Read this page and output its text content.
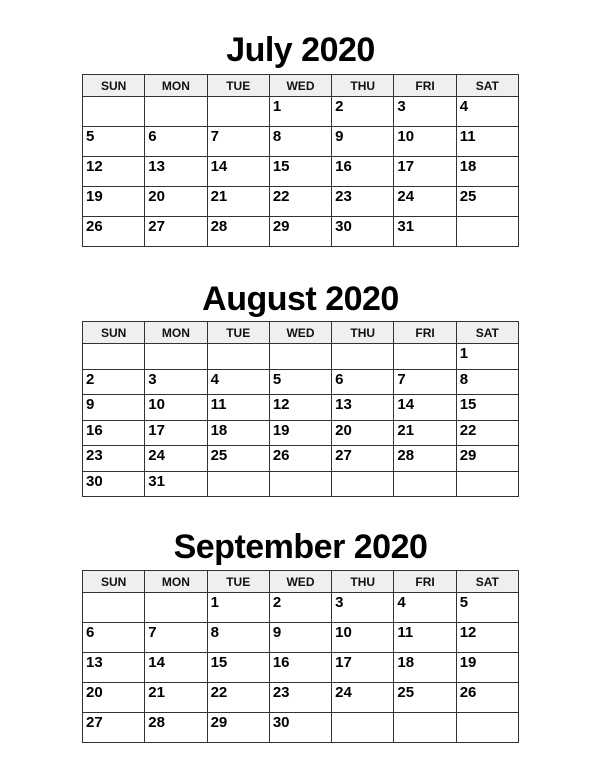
July 2020
SUN	MON	TUE	WED	THU	FRI	SAT
			1	2	3	4
5	6	7	8	9	10	11
12	13	14	15	16	17	18
19	20	21	22	23	24	25
26	27	28	29	30	31	
August 2020
SUN	MON	TUE	WED	THU	FRI	SAT
						1
2	3	4	5	6	7	8
9	10	11	12	13	14	15
16	17	18	19	20	21	22
23	24	25	26	27	28	29
30	31					
September 2020
SUN	MON	TUE	WED	THU	FRI	SAT
		1	2	3	4	5
6	7	8	9	10	11	12
13	14	15	16	17	18	19
20	21	22	23	24	25	26
27	28	29	30			
